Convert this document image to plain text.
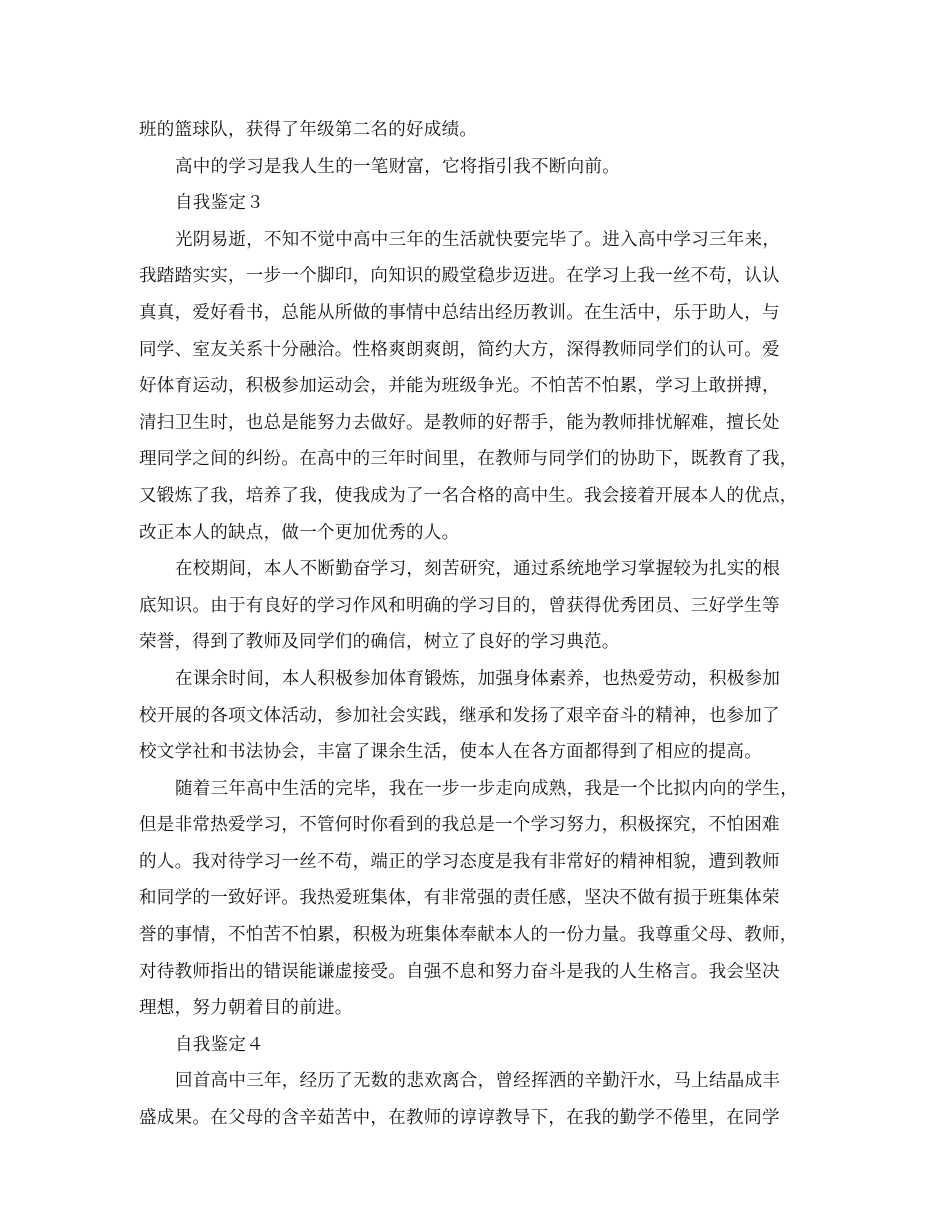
班的篮球队，获得了年级第二名的好成绩。
高中的学习是我人生的一笔财富，它将指引我不断向前。
自我鉴定３
光阴易逝，不知不觉中高中三年的生活就快要完毕了。进入高中学习三年来，
我踏踏实实，一步一个脚印，向知识的殿堂稳步迈进。在学习上我一丝不苟，认认
真真，爱好看书，总能从所做的事情中总结出经历教训。在生活中，乐于助人，与
同学、室友关系十分融洽。性格爽朗爽朗，简约大方，深得教师同学们的认可。爱
好体育运动，积极参加运动会，并能为班级争光。不怕苦不怕累，学习上敢拼搏，
清扫卫生时，也总是能努力去做好。是教师的好帮手，能为教师排忧解难，擅长处
理同学之间的纠纷。在高中的三年时间里，在教师与同学们的协助下，既教育了我，
又锻炼了我，培养了我，使我成为了一名合格的高中生。我会接着开展本人的优点，
改正本人的缺点，做一个更加优秀的人。
在校期间，本人不断勤奋学习，刻苦研究，通过系统地学习掌握较为扎实的根
底知识。由于有良好的学习作风和明确的学习目的，曾获得优秀团员、三好学生等
荣誉，得到了教师及同学们的确信，树立了良好的学习典范。
在课余时间，本人积极参加体育锻炼，加强身体素养，也热爱劳动，积极参加
校开展的各项文体活动，参加社会实践，继承和发扬了艰辛奋斗的精神，也参加了
校文学社和书法协会，丰富了课余生活，使本人在各方面都得到了相应的提高。
随着三年高中生活的完毕，我在一步一步走向成熟，我是一个比拟内向的学生，
但是非常热爱学习，不管何时你看到的我总是一个学习努力，积极探究，不怕困难
的人。我对待学习一丝不苟，端正的学习态度是我有非常好的精神相貌，遭到教师
和同学的一致好评。我热爱班集体，有非常强的责任感，坚决不做有损于班集体荣
誉的事情，不怕苦不怕累，积极为班集体奉献本人的一份力量。我尊重父母、教师，
对待教师指出的错误能谦虚接受。自强不息和努力奋斗是我的人生格言。我会坚决
理想，努力朝着目的前进。
自我鉴定４
回首高中三年，经历了无数的悲欢离合，曾经挥洒的辛勤汗水，马上结晶成丰
盛成果。在父母的含辛茹苦中，在教师的谆谆教导下，在我的勤学不倦里，在同学
